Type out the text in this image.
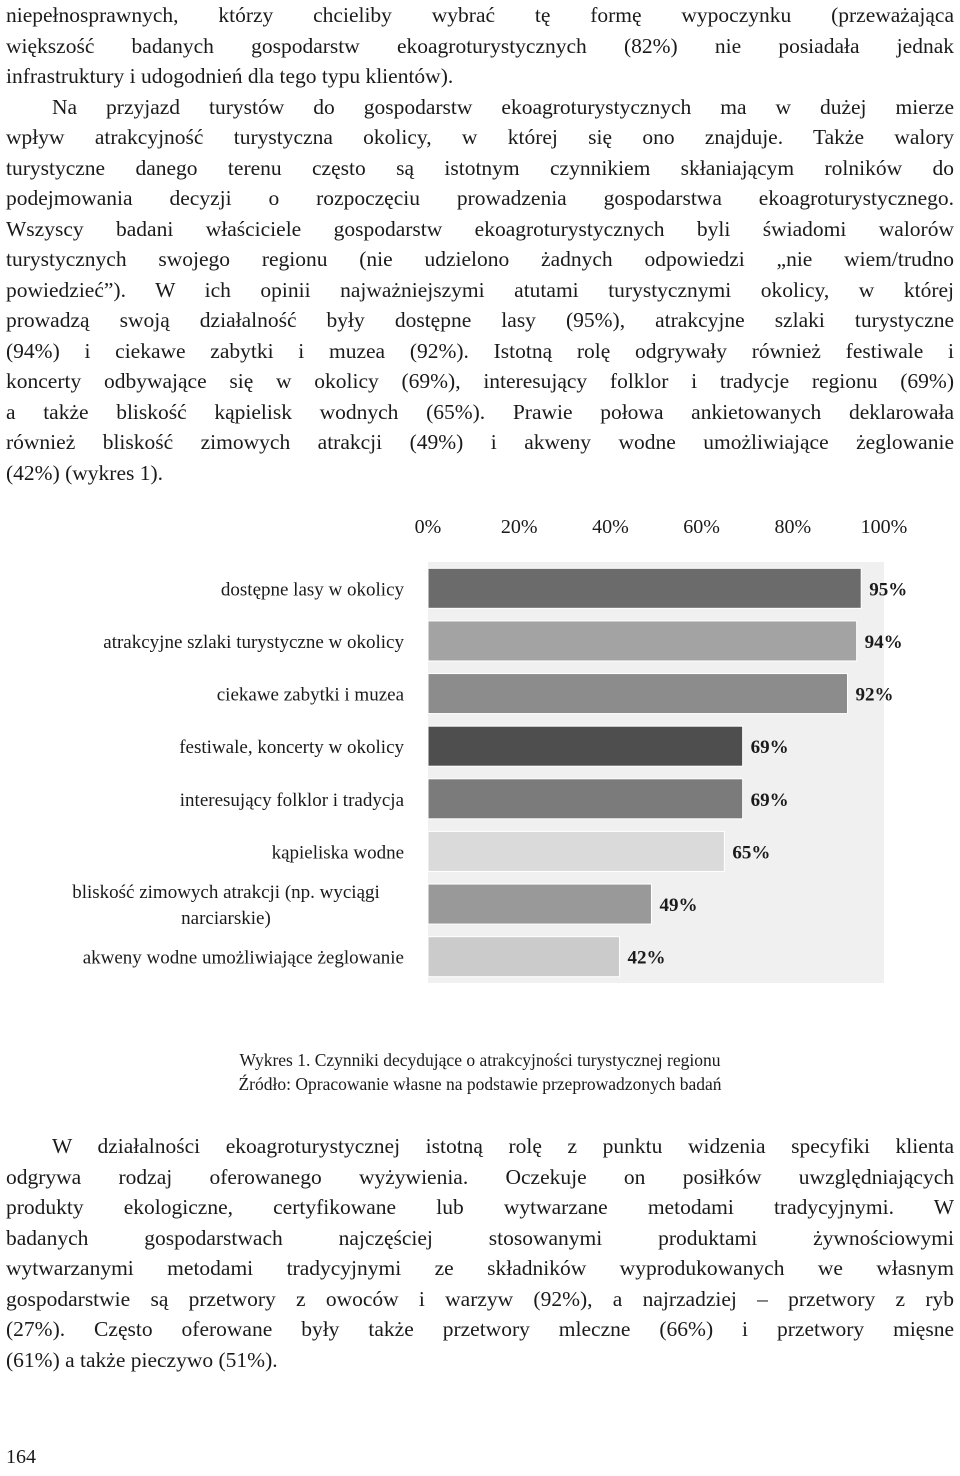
niepełnosprawnych, którzy chcieliby wybrać tę formę wypoczynku (przeważająca
większość badanych gospodarstw ekoagroturystycznych (82%) nie posiadała jednak
infrastruktury i udogodnień dla tego typu klientów).
Na przyjazd turystów do gospodarstw ekoagroturystycznych ma w dużej mierze
wpływ atrakcyjność turystyczna okolicy, w której się ono znajduje. Także walory
turystyczne danego terenu często są istotnym czynnikiem skłaniającym rolników do
podejmowania decyzji o rozpoczęciu prowadzenia gospodarstwa ekoagroturystycznego.
Wszyscy badani właściciele gospodarstw ekoagroturystycznych byli świadomi walorów
turystycznych swojego regionu (nie udzielono żadnych odpowiedzi „nie wiem/trudno
powiedzieć”). W ich opinii najważniejszymi atutami turystycznymi okolicy, w której
prowadzą swoją działalność były dostępne lasy (95%), atrakcyjne szlaki turystyczne
(94%) i ciekawe zabytki i muzea (92%). Istotną rolę odgrywały również festiwale i
koncerty odbywające się w okolicy (69%), interesujący folklor i tradycje regionu (69%)
a także bliskość kąpielisk wodnych (65%). Prawie połowa ankietowanych deklarowała
również bliskość zimowych atrakcji (49%) i akweny wodne umożliwiające żeglowanie
(42%) (wykres 1).
0%	20%	40%	60%	80% 100%
95%
dostępne lasy w okolicy
94%
atrakcyjne szlaki turystyczne w okolicy
92%
ciekawe zabytki i muzea
69%
festiwale, koncerty w okolicy
69%
interesujący folklor i tradycja
65%
kąpieliska wodne
49%
bliskość zimowych atrakcji (np. wyciągi
narciarskie)
42%
akweny wodne umożliwiające żeglowanie
Wykres 1. Czynniki decydujące o atrakcyjności turystycznej regionu
Źródło: Opracowanie własne na podstawie przeprowadzonych badań
W działalności ekoagroturystycznej istotną rolę z punktu widzenia specyfiki klienta
odgrywa rodzaj oferowanego wyżywienia. Oczekuje on posiłków uwzględniających
produkty ekologiczne, certyfikowane lub wytwarzane metodami tradycyjnymi. W
badanych gospodarstwach najczęściej stosowanymi produktami żywnościowymi
wytwarzanymi metodami tradycyjnymi ze składników wyprodukowanych we własnym
gospodarstwie są przetwory z owoców i warzyw (92%), a najrzadziej – przetwory z ryb
(27%). Często oferowane były także przetwory mleczne (66%) i przetwory mięsne
(61%) a także pieczywo (51%).
164
